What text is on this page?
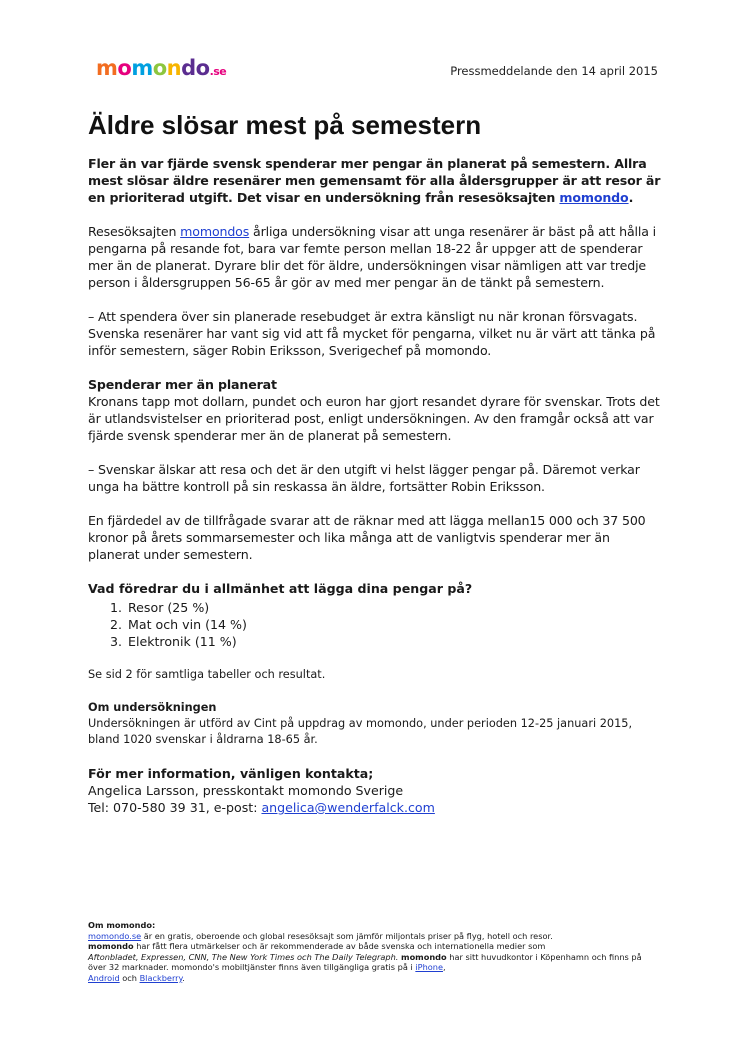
momondo.se	Pressmeddelande den 14 april 2015
Äldre slösar mest på semestern

Fler än var fjärde svensk spenderar mer pengar än planerat på semestern. Allra mest slösar äldre resenärer men gemensamt för alla åldersgrupper är att resor är en prioriterad utgift. Det visar en undersökning från resesöksajten momondo.

Resesöksajten momondos årliga undersökning visar att unga resenärer är bäst på att hålla i pengarna på resande fot, bara var femte person mellan 18-22 år uppger att de spenderar mer än de planerat. Dyrare blir det för äldre, undersökningen visar nämligen att var tredje person i åldersgruppen 56-65 år gör av med mer pengar än de tänkt på semestern.

– Att spendera över sin planerade resebudget är extra känsligt nu när kronan försvagats. Svenska resenärer har vant sig vid att få mycket för pengarna, vilket nu är värt att tänka på inför semestern, säger Robin Eriksson, Sverigechef på momondo.

Spenderar mer än planerat
Kronans tapp mot dollarn, pundet och euron har gjort resandet dyrare för svenskar. Trots det är utlandsvistelser en prioriterad post, enligt undersökningen. Av den framgår också att var fjärde svensk spenderar mer än de planerat på semestern.

– Svenskar älskar att resa och det är den utgift vi helst lägger pengar på. Däremot verkar unga ha bättre kontroll på sin reskassa än äldre, fortsätter Robin Eriksson.

En fjärdedel av de tillfrågade svarar att de räknar med att lägga mellan15 000 och 37 500 kronor på årets sommarsemester och lika många att de vanligtvis spenderar mer än planerat under semestern.

Vad föredrar du i allmänhet att lägga dina pengar på?
1. Resor (25 %)
2. Mat och vin (14 %)
3. Elektronik (11 %)
Se sid 2 för samtliga tabeller och resultat.
Om undersökningen
Undersökningen är utförd av Cint på uppdrag av momondo, under perioden 12-25 januari 2015, bland 1020 svenskar i åldrarna 18-65 år.
För mer information, vänligen kontakta;
Angelica Larsson, presskontakt momondo Sverige
Tel: 070-580 39 31, e-post: angelica@wenderfalck.com
Om momondo:
momondo.se är en gratis, oberoende och global resesöksajt som jämför miljontals priser på flyg, hotell och resor.
momondo har fått flera utmärkelser och är rekommenderade av både svenska och internationella medier som
Aftonbladet, Expressen, CNN, The New York Times och The Daily Telegraph. momondo har sitt huvudkontor i Köpenhamn och finns på över 32 marknader. momondo's mobiltjänster finns även tillgängliga gratis på i iPhone,
Android och Blackberry.
